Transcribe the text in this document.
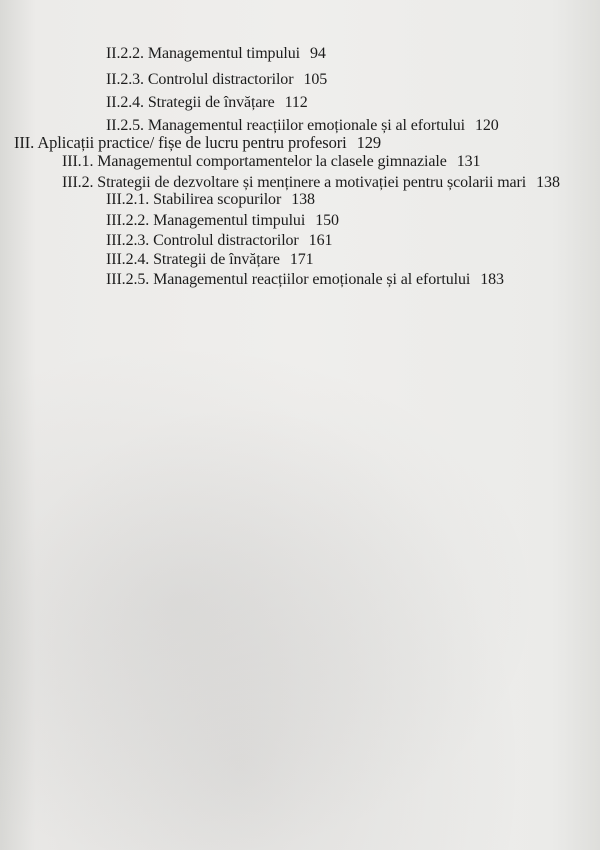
II.2.2. Managementul timpului 94
II.2.3. Controlul distractorilor 105
II.2.4. Strategii de învățare 112
II.2.5. Managementul reacțiilor emoționale și al efortului 120
III. Aplicații practice/ fișe de lucru pentru profesori 129
III.1. Managementul comportamentelor la clasele gimnaziale 131
III.2. Strategii de dezvoltare și menținere a motivației pentru școlarii mari 138
III.2.1. Stabilirea scopurilor 138
III.2.2. Managementul timpului 150
III.2.3. Controlul distractorilor 161
III.2.4. Strategii de învățare 171
III.2.5. Managementul reacțiilor emoționale și al efortului 183
